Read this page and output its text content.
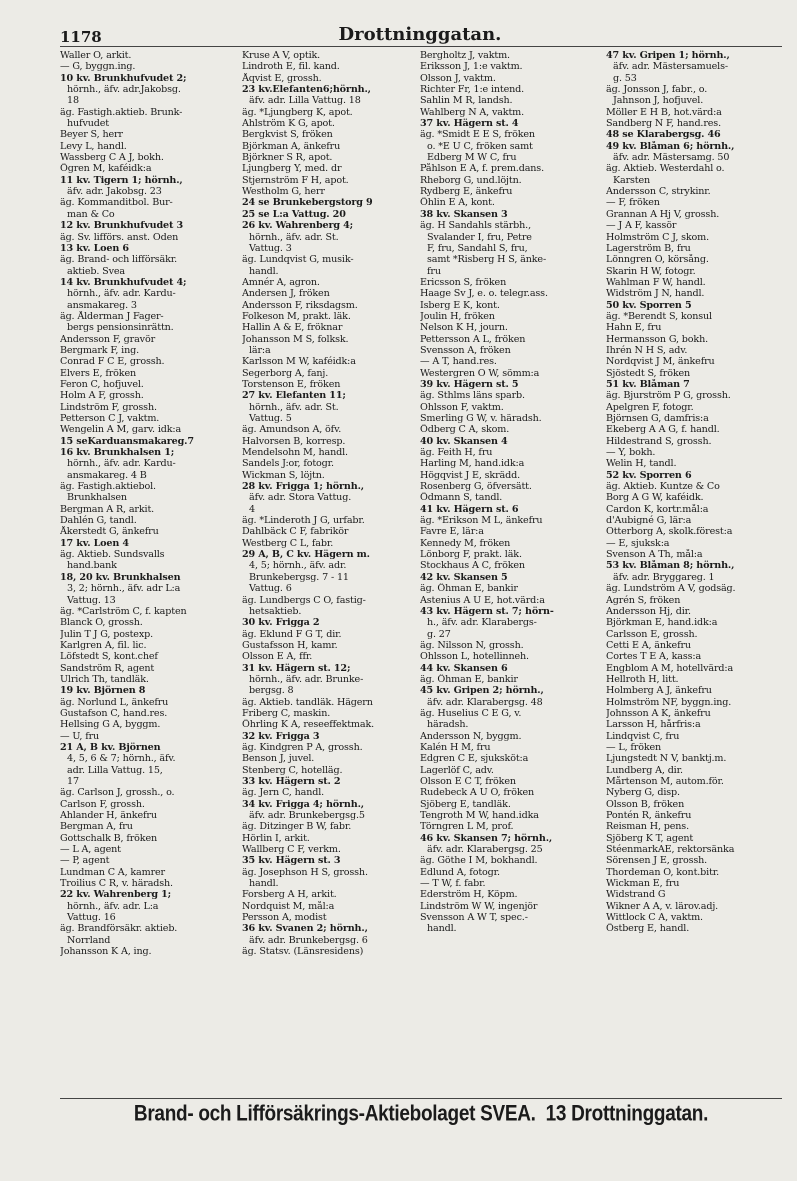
1178	Drottninggatan.
Waller O, arkit.
— G, byggn.ing.
10 kv. Brunkhufvudet 2;
hörnh., äfv. adr.Jakobsg.
18
äg. Fastigh.aktieb. Brunk-
hufvudet
Beyer S, herr
Levy L, handl.
Wassberg C A J, bokh.
Ögren M, kaféidk:a
11 kv. Tigern 1; hörnh.,
äfv. adr. Jakobsg. 23
äg. Kommanditbol. Bur-
man & Co
12 kv. Brunkhufvudet 3
äg. Sv. lifförs. anst. Oden
13 kv. Loen 6
äg. Brand- och lifförsäkr.
aktieb. Svea
14 kv. Brunkhufvudet 4;
hörnh., äfv. adr. Kardu-
ansmakareg. 3
äg. Ålderman J Fager-
bergs pensionsinrättn.
Andersson F, gravör
Bergmark F, ing.
Conrad F C E, grossh.
Elvers E, fröken
Feron C, hofjuvel.
Holm A F, grossh.
Lindström F, grossh.
Petterson C J, vaktm.
Wengelin A M, garv. idk:a
15 seKarduansmakareg.7
16 kv. Brunkhalsen 1;
hörnh., äfv. adr. Kardu-
ansmakareg. 4 B
äg. Fastigh.aktiebol.
Brunkhalsen
Bergman A R, arkit.
Dahlén G, tandl.
Åkerstedt G, änkefru
17 kv. Loen 4
äg. Aktieb. Sundsvalls
hand.bank
18, 20 kv. Brunkhalsen
3, 2; hörnh., äfv. adr L:a
Vattug. 13
äg. *Carlström C, f. kapten
Blanck O, grossh.
Julin T J G, postexp.
Karlgren A, fil. lic.
Löfstedt S, kont.chef
Sandström R, agent
Ulrich Th, tandläk.
19 kv. Björnen 8
äg. Norlund L, änkefru
Gustafson C, hand.res.
Hellsing G A, byggm.
— U, fru
21 A, B kv. Björnen
4, 5, 6 & 7; hörnh., äfv.
adr. Lilla Vattug. 15,
17
äg. Carlson J, grossh., o.
Carlson F, grossh.
Ahlander H, änkefru
Bergman A, fru
Gottschalk B, fröken
— L A, agent
— P, agent
Lundman C A, kamrer
Troilius C R, v. häradsh.
22 kv. Wahrenberg 1;
hörnh., äfv. adr. L:a
Vattug. 16
äg. Brandförsäkr. aktieb.
Norrland
Johansson K A, ing.
Kruse A V, optik.
Lindroth E, fil. kand.
Åqvist E, grossh.
23 kv.Elefanten6;hörnh.,
äfv. adr. Lilla Vattug. 18
äg. *Ljungberg K, apot.
Ahlström K G, apot.
Bergkvist S, fröken
Björkman A, änkefru
Björkner S R, apot.
Ljungberg Y, med. dr
Stjernström F H, apot.
Westholm G, herr
24 se Brunkebergstorg 9
25 se L:a Vattug. 20
26 kv. Wahrenberg 4;
hörnh., äfv. adr. St.
Vattug. 3
äg. Lundqvist G, musik-
handl.
Amnér A, agron.
Andersen J, fröken
Andersson F, riksdagsm.
Folkeson M, prakt. läk.
Hallin A & E, fröknar
Johansson M S, folksk.
lär:a
Karlsson M W, kaféidk:a
Segerborg A, fanj.
Torstenson E, fröken
27 kv. Elefanten 11;
hörnh., äfv. adr. St.
Vattug. 5
äg. Amundson A, öfv.
Halvorsen B, korresp.
Mendelsohn M, handl.
Sandels J:or, fotogr.
Wickman S, löjtn.
28 kv. Frigga 1; hörnh.,
äfv. adr. Stora Vattug.
4
äg. *Linderoth J G, urfabr.
Dahlbäck C F, fabrikör
Westberg C L, fabr.
29 A, B, C kv. Hägern m.
4, 5; hörnh., äfv. adr.
Brunkebergsg. 7 - 11
Vattug. 6
äg. Lundbergs C O, fastig-
hetsaktieb.
30 kv. Frigga 2
äg. Eklund F G T, dir.
Gustafsson H, kamr.
Olsson E A, ffr.
31 kv. Hägern st. 12;
hörnh., äfv. adr. Brunke-
bergsg. 8
äg. Aktieb. tandläk. Hägern
Friberg C, maskin.
Öhrling K A, reseeffektmak.
32 kv. Frigga 3
äg. Kindgren P A, grossh.
Benson J, juvel.
Stenberg C, hotelläg.
33 kv. Hägern st. 2
äg. Jern C, handl.
34 kv. Frigga 4; hörnh.,
äfv. adr. Brunkebergsg.5
äg. Ditzinger B W, fabr.
Hörlin I, arkit.
Wallberg C F, verkm.
35 kv. Hägern st. 3
äg. Josephson H S, grossh.
handl.
Forsberg A H, arkit.
Nordquist M, mål:a
Persson A, modist
36 kv. Svanen 2; hörnh.,
äfv. adr. Brunkebergsg. 6
äg. Statsv. (Länsresidens)
Bergholtz J, vaktm.
Eriksson J, 1:e vaktm.
Olsson J, vaktm.
Richter Fr, 1:e intend.
Sahlin M R, landsh.
Wahlberg N A, vaktm.
37 kv. Hägern st. 4
äg. *Smidt E E S, fröken
o. *E U C, fröken samt
Edberg M W C, fru
Påhlson E A, f. prem.dans.
Rheborg G, und.löjtn.
Rydberg E, änkefru
Öhlin E A, kont.
38 kv. Skansen 3
äg. H Sandahls stärbh.,
Svalander I, fru, Petre
F, fru, Sandahl S, fru,
samt *Risberg H S, änke-
fru
Ericsson S, fröken
Haage Sv J, e. o. telegr.ass.
Isberg E K, kont.
Joulin H, fröken
Nelson K H, journ.
Pettersson A L, fröken
Svensson A, fröken
— A T, hand.res.
Westergren O W, sömm:a
39 kv. Hägern st. 5
äg. Sthlms läns sparb.
Ohlsson F, vaktm.
Smerling G W, v. häradsh.
Ödberg C A, skom.
40 kv. Skansen 4
äg. Feith H, fru
Harling M, hand.idk:a
Högqvist J E, skrädd.
Rosenberg G, öfversätt.
Ödmann S, tandl.
41 kv. Hägern st. 6
äg. *Erikson M L, änkefru
Favre E, lär:a
Kennedy M, fröken
Lönborg F, prakt. läk.
Stockhaus A C, fröken
42 kv. Skansen 5
äg. Öhman E, bankir
Astenius A U E, hot.värd:a
43 kv. Hägern st. 7; hörn-
h., äfv. adr. Klarabergs-
g. 27
äg. Nilsson N, grossh.
Ohlsson L, hotellinneh.
44 kv. Skansen 6
äg. Öhman E, bankir
45 kv. Gripen 2; hörnh.,
äfv. adr. Klarabergsg. 48
äg. Huselius C E G, v.
häradsh.
Andersson N, byggm.
Kalén H M, fru
Edgren C E, sjuksköt:a
Lagerlöf C, adv.
Olsson E C T, fröken
Rudebeck A U O, fröken
Sjöberg E, tandläk.
Tengroth M W, hand.idka
Törngren L M, prof.
46 kv. Skansen 7; hörnh.,
äfv. adr. Klarabergsg. 25
äg. Göthe I M, bokhandl.
Edlund A, fotogr.
— T W, f. fabr.
Ederström H, Köpm.
Lindström W W, ingenjör
Svensson A W T, spec.-
handl.
47 kv. Gripen 1; hörnh.,
äfv. adr. Mästersamuels-
g. 53
äg. Jonsson J, fabr., o.
Jahnson J, hofjuvel.
Möller E H B, hot.värd:a
Sandberg N F, hand.res.
48 se Klarabergsg. 46
49 kv. Blåman 6; hörnh.,
äfv. adr. Mästersamg. 50
äg. Aktieb. Westerdahl o.
Karsten
Andersson C, strykinr.
— F, fröken
Grannan A Hj V, grossh.
— J A F, kassör
Holmström C J, skom.
Lagerström B, fru
Lönngren O, körsång.
Skarin H W, fotogr.
Wahlman F W, handl.
Widström J N, handl.
50 kv. Sporren 5
äg. *Berendt S, konsul
Hahn E, fru
Hermansson G, bokh.
Ihrén N H S, adv.
Nordqvist J M, änkefru
Sjöstedt S, fröken
51 kv. Blåman 7
äg. Bjurström P G, grossh.
Apelgren F, fotogr.
Björnsen G, damfris:a
Ekeberg A A G, f. handl.
Hildestrand S, grossh.
— Y, bokh.
Welin H, tandl.
52 kv. Sporren 6
äg. Aktieb. Kuntze & Co
Borg A G W, kaféidk.
Cardon K, kortr.mål:a
d'Aubigné G, lär:a
Otterborg A, skolk.förest:a
— E, sjuksk:a
Svenson A Th, mål:a
53 kv. Blåman 8; hörnh.,
äfv. adr. Bryggareg. 1
äg. Lundström A V, godsäg.
Agrén S, fröken
Andersson Hj, dir.
Björkman E, hand.idk:a
Carlsson E, grossh.
Cetti E A, änkefru
Cortes T E A, kass:a
Engblom A M, hotellvärd:a
Hellroth H, litt.
Holmberg A J, änkefru
Holmström NF, byggn.ing.
Johnsson A K, änkefru
Larsson H, hårfris:a
Lindqvist C, fru
— L, fröken
Ljungstedt N V, banktj.m.
Lundberg A, dir.
Mårtenson M, autom.för.
Nyberg G, disp.
Olsson B, fröken
Pontén R, änkefru
Reisman H, pens.
Sjöberg K T, agent
StéenmarkAE, rektorsänka
Sörensen J E, grossh.
Thordeman O, kont.bitr.
Wickman E, fru
Widstrand G
Wikner A A, v. lärov.adj.
Wittlock C A, vaktm.
Östberg E, handl.
Brand- och Lifförsäkrings-Aktiebolaget SVEA. 13 Drottninggatan.
